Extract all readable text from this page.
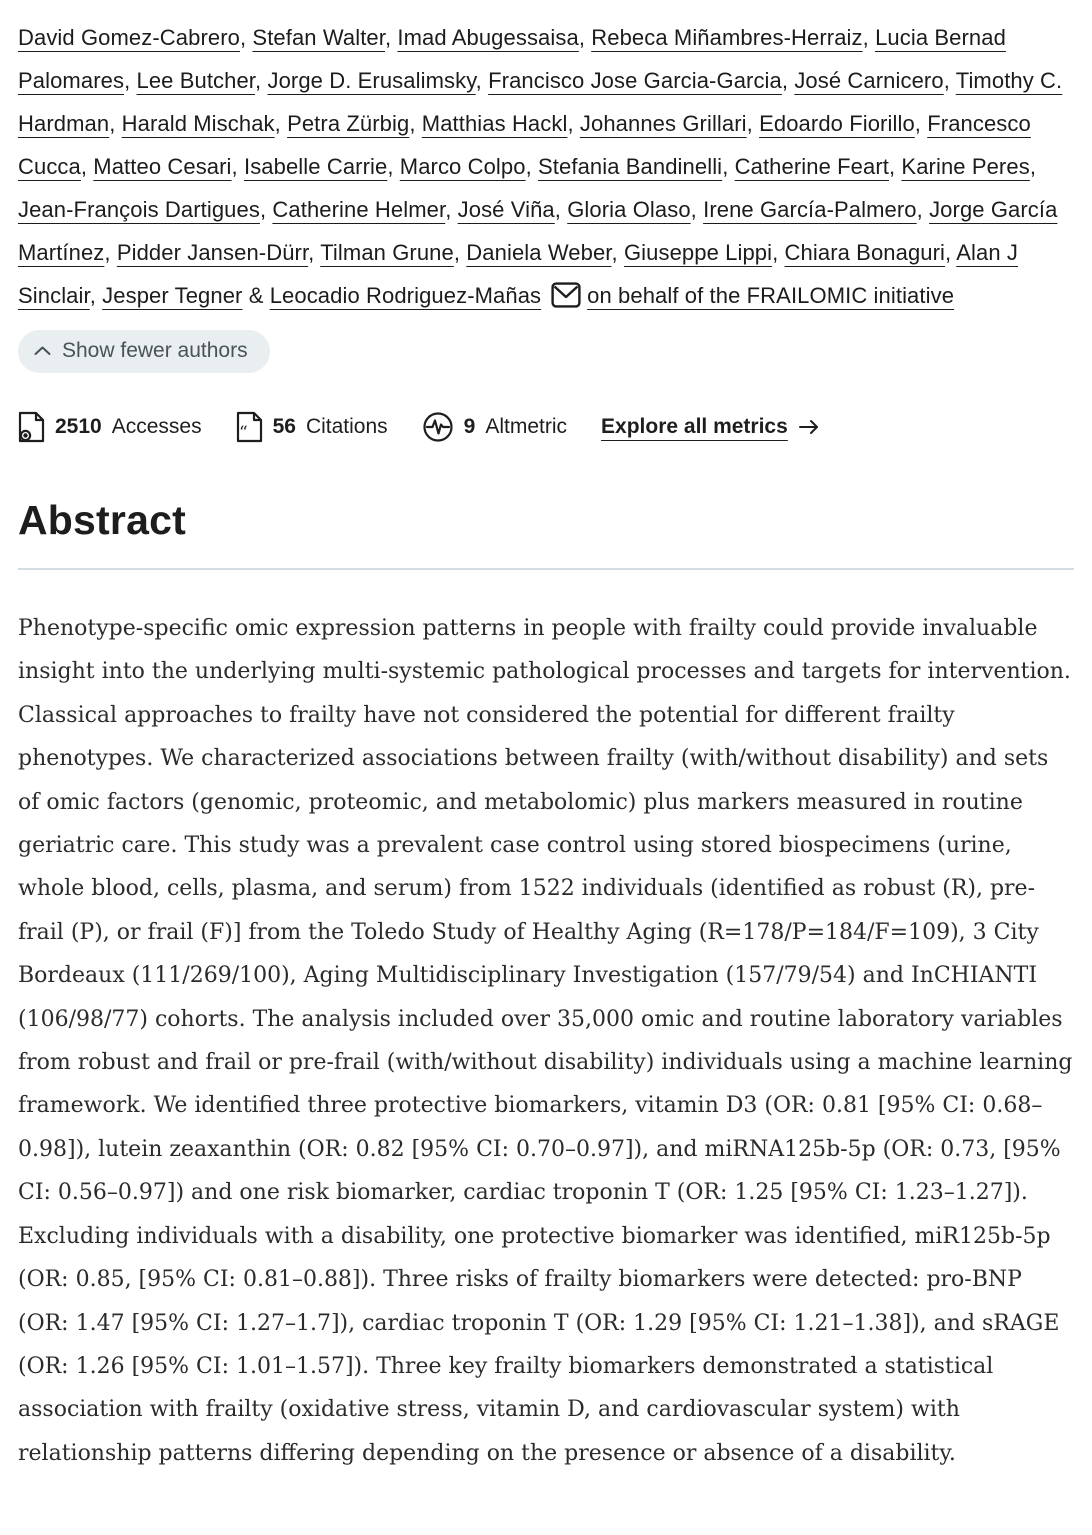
David Gomez-Cabrero, Stefan Walter, Imad Abugessaisa, Rebeca Miñambres-Herraiz, Lucia Bernad Palomares, Lee Butcher, Jorge D. Erusalimsky, Francisco Jose Garcia-Garcia, José Carnicero, Timothy C. Hardman, Harald Mischak, Petra Zürbig, Matthias Hackl, Johannes Grillari, Edoardo Fiorillo, Francesco Cucca, Matteo Cesari, Isabelle Carrie, Marco Colpo, Stefania Bandinelli, Catherine Feart, Karine Peres, Jean-François Dartigues, Catherine Helmer, José Viña, Gloria Olaso, Irene García-Palmero, Jorge García Martínez, Pidder Jansen-Dürr, Tilman Grune, Daniela Weber, Giuseppe Lippi, Chiara Bonaguri, Alan J Sinclair, Jesper Tegner & Leocadio Rodriguez-Mañas on behalf of the FRAILOMIC initiative
Show fewer authors
2510 Accesses “ 56 Citations	9 Altmetric Explore all metrics
Abstract

Phenotype-specific omic expression patterns in people with frailty could provide invaluable insight into the underlying multi-systemic pathological processes and targets for intervention. Classical approaches to frailty have not considered the potential for different frailty phenotypes. We characterized associations between frailty (with/without disability) and sets of omic factors (genomic, proteomic, and metabolomic) plus markers measured in routine geriatric care. This study was a prevalent case control using stored biospecimens (urine, whole blood, cells, plasma, and serum) from 1522 individuals (identified as robust (R), pre-frail (P), or frail (F)] from the Toledo Study of Healthy Aging (R=178/P=184/F=109), 3 City Bordeaux (111/269/100), Aging Multidisciplinary Investigation (157/79/54) and InCHIANTI (106/98/77) cohorts. The analysis included over 35,000 omic and routine laboratory variables from robust and frail or pre-frail (with/without disability) individuals using a machine learning framework. We identified three protective biomarkers, vitamin D3 (OR: 0.81 [95% CI: 0.68–0.98]), lutein zeaxanthin (OR: 0.82 [95% CI: 0.70–0.97]), and miRNA125b-5p (OR: 0.73, [95% CI: 0.56–0.97]) and one risk biomarker, cardiac troponin T (OR: 1.25 [95% CI: 1.23–1.27]). Excluding individuals with a disability, one protective biomarker was identified, miR125b-5p (OR: 0.85, [95% CI: 0.81–0.88]). Three risks of frailty biomarkers were detected: pro-BNP (OR: 1.47 [95% CI: 1.27–1.7]), cardiac troponin T (OR: 1.29 [95% CI: 1.21–1.38]), and sRAGE (OR: 1.26 [95% CI: 1.01–1.57]). Three key frailty biomarkers demonstrated a statistical association with frailty (oxidative stress, vitamin D, and cardiovascular system) with relationship patterns differing depending on the presence or absence of a disability.
